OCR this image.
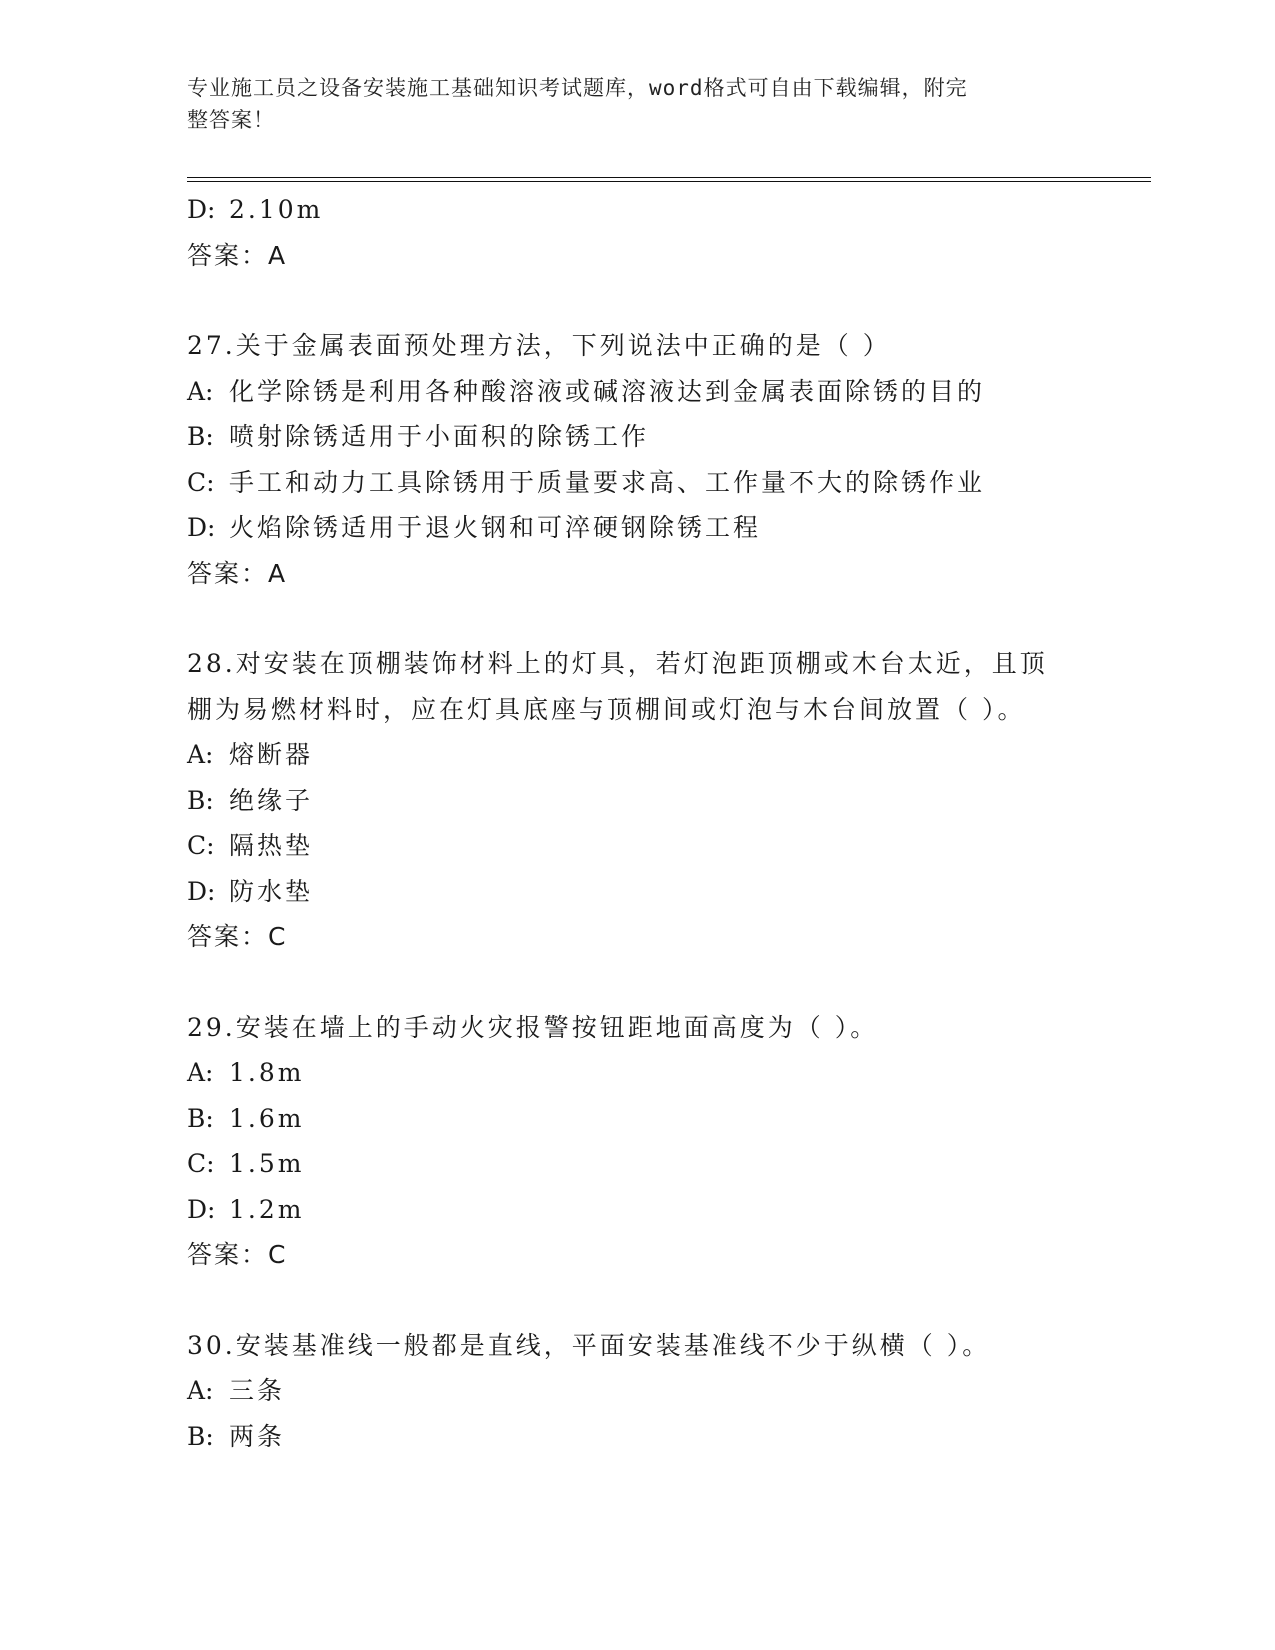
专业施工员之设备安装施工基础知识考试题库，word格式可自由下载编辑，附完
整答案！
D: 2.10m
答案：A
27.关于金属表面预处理方法，下列说法中正确的是（ ）
A: 化学除锈是利用各种酸溶液或碱溶液达到金属表面除锈的目的
B: 喷射除锈适用于小面积的除锈工作
C: 手工和动力工具除锈用于质量要求高、工作量不大的除锈作业
D: 火焰除锈适用于退火钢和可淬硬钢除锈工程
答案：A
28.对安装在顶棚装饰材料上的灯具，若灯泡距顶棚或木台太近，且顶
棚为易燃材料时，应在灯具底座与顶棚间或灯泡与木台间放置（ ）。
A: 熔断器
B: 绝缘子
C: 隔热垫
D: 防水垫
答案：C
29.安装在墙上的手动火灾报警按钮距地面高度为（ ）。
A: 1.8m
B: 1.6m
C: 1.5m
D: 1.2m
答案：C
30.安装基准线一般都是直线，平面安装基准线不少于纵横（ ）。
A: 三条
B: 两条
